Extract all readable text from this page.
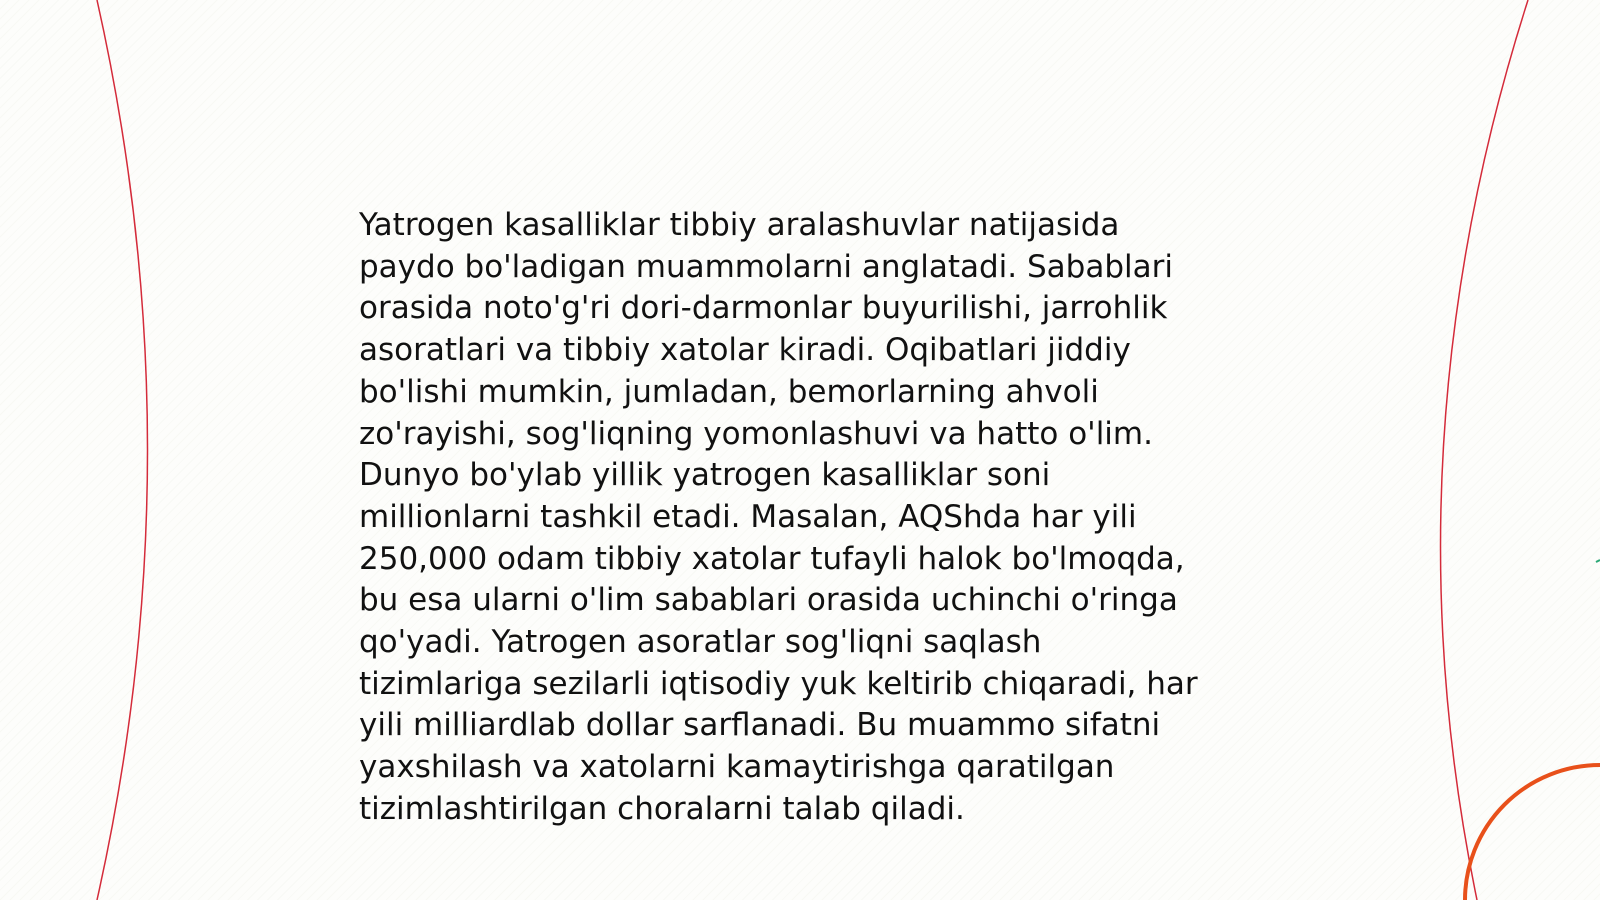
Yatrogen kasalliklar tibbiy aralashuvlar natijasida
paydo bo'ladigan muammolarni anglatadi. Sabablari
orasida noto'g'ri dori-darmonlar buyurilishi, jarrohlik
asoratlari va tibbiy xatolar kiradi. Oqibatlari jiddiy
bo'lishi mumkin, jumladan, bemorlarning ahvoli
zo'rayishi, sog'liqning yomonlashuvi va hatto o'lim.
Dunyo bo'ylab yillik yatrogen kasalliklar soni
millionlarni tashkil etadi. Masalan, AQShda har yili
250,000 odam tibbiy xatolar tufayli halok bo'lmoqda,
bu esa ularni o'lim sabablari orasida uchinchi o'ringa
qo'yadi. Yatrogen asoratlar sog'liqni saqlash
tizimlariga sezilarli iqtisodiy yuk keltirib chiqaradi, har
yili milliardlab dollar sarflanadi. Bu muammo sifatni
yaxshilash va xatolarni kamaytirishga qaratilgan
tizimlashtirilgan choralarni talab qiladi.
